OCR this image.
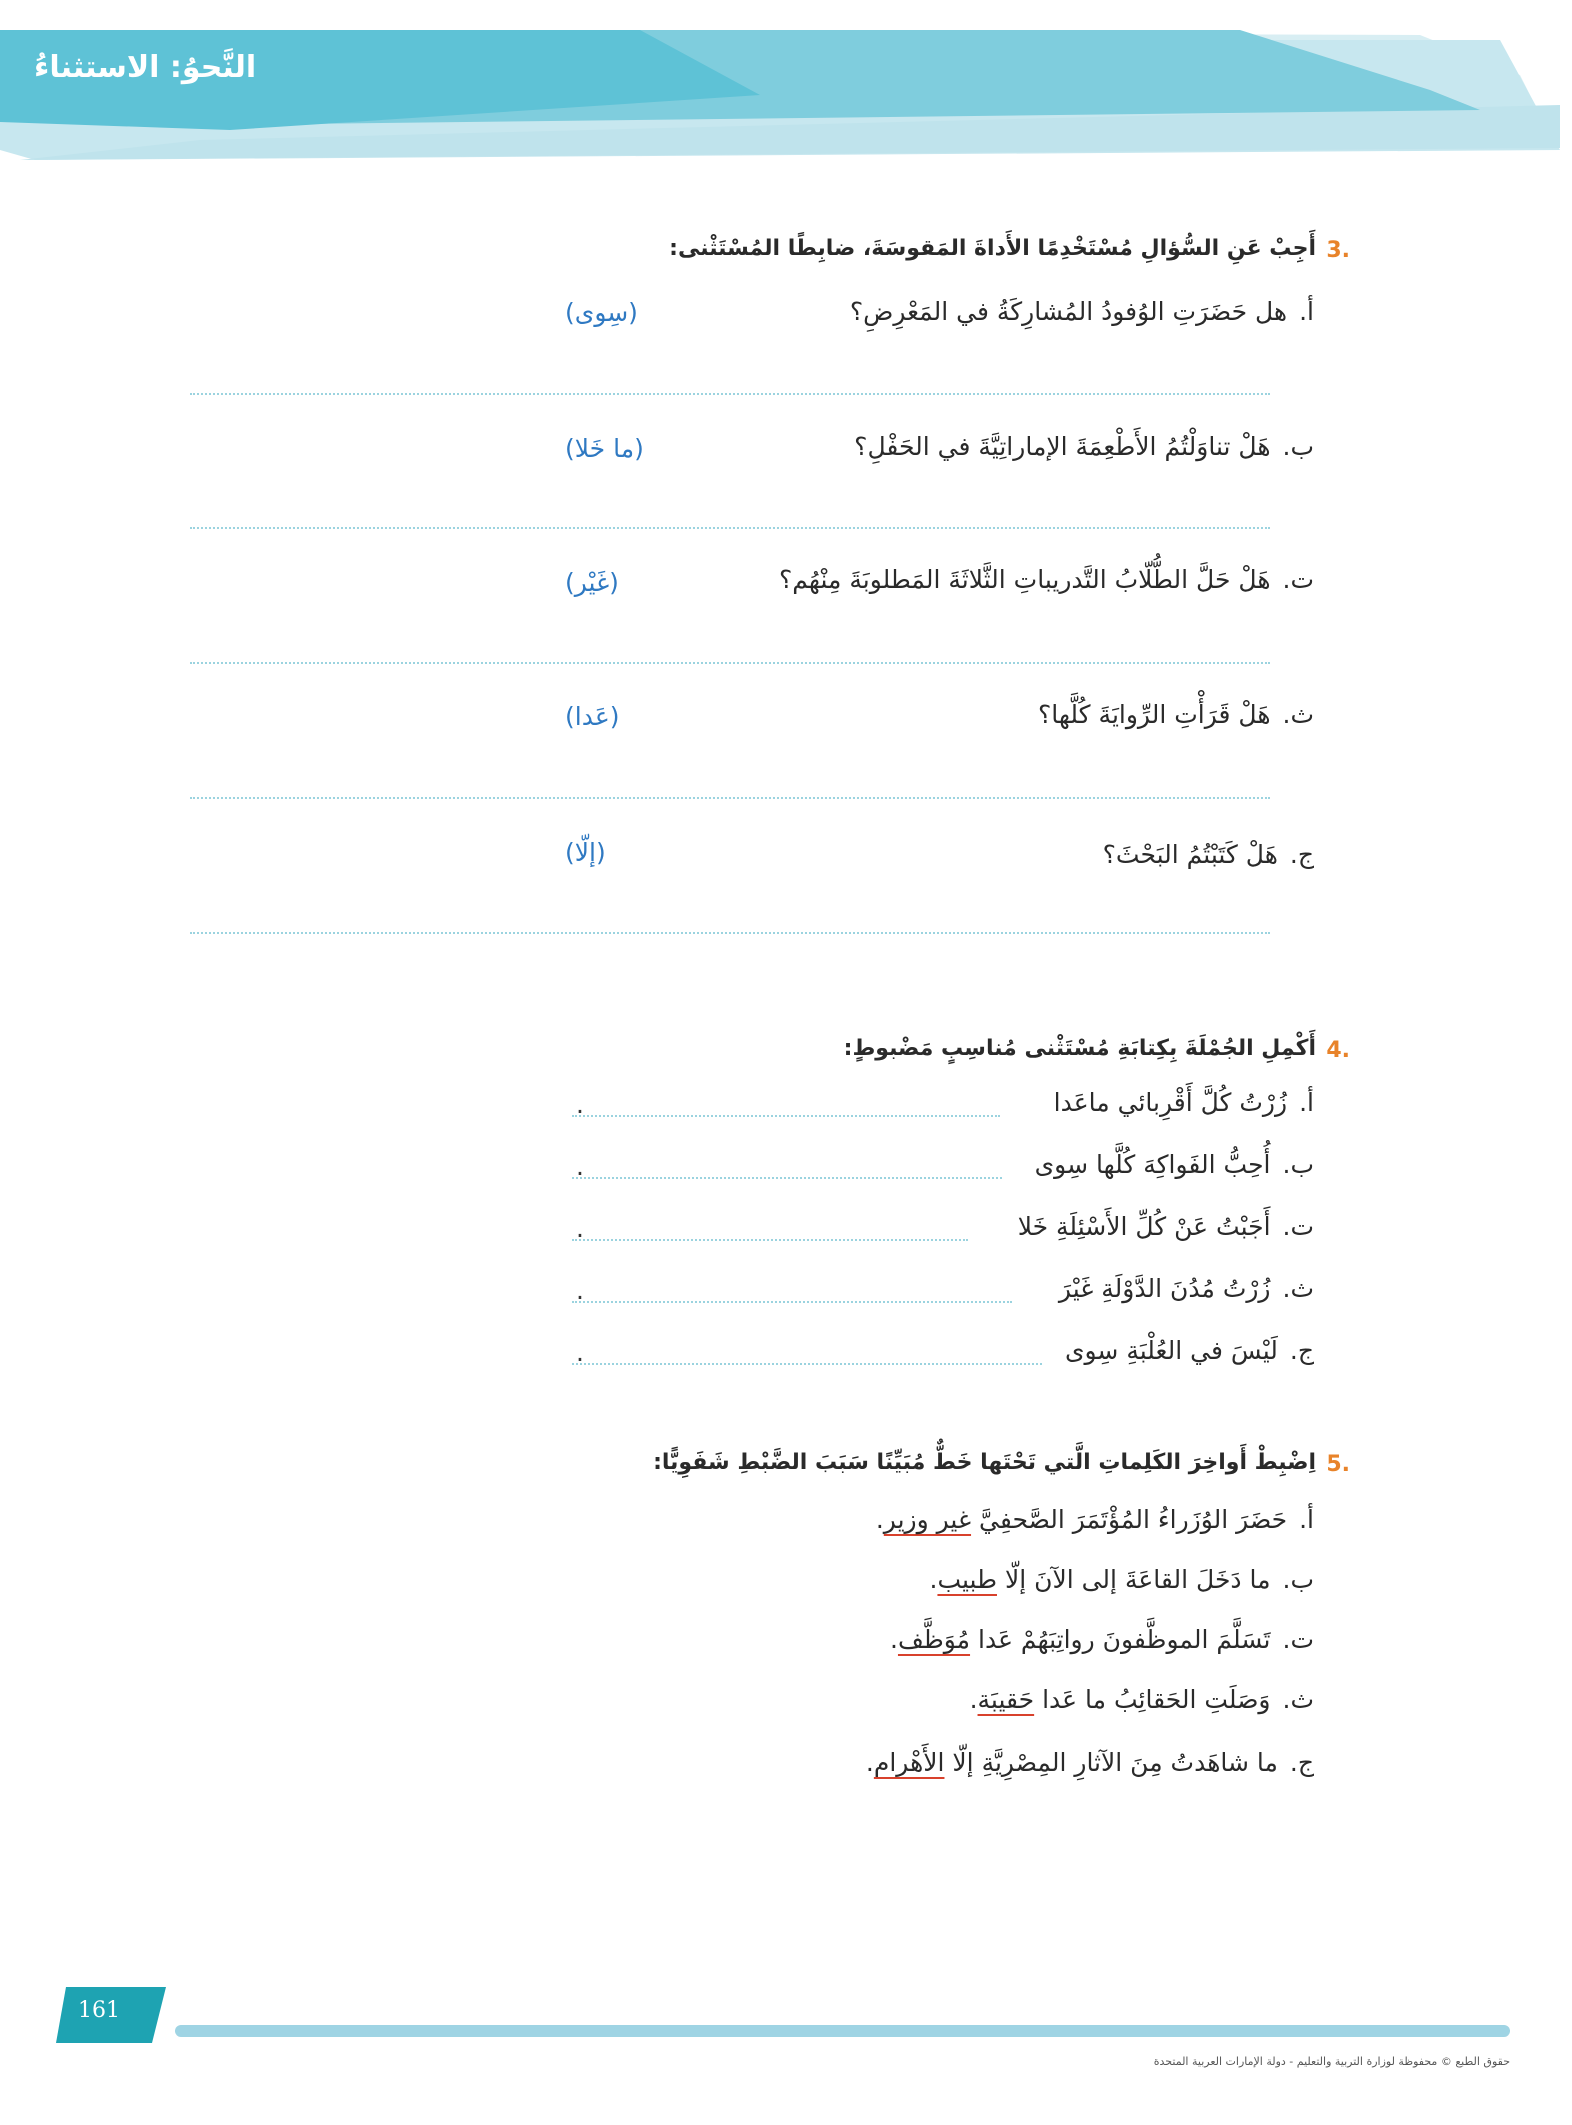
النَّحوُ: الاستثناءُ
3.
أَجِبْ عَنِ السُّؤالِ مُسْتَخْدِمًا الأَداةَ المَقوسَةَ، ضابِطًا المُسْتَثْنى:
أ.هل حَضَرَتِ الوُفودُ المُشارِكَةُ في المَعْرِضِ؟
(سِوى)
ب.هَلْ تناوَلْتُمُ الأَطْعِمَةَ الإماراتِيَّةَ في الحَفْلِ؟
(ما خَلا)
ت.هَلْ حَلَّ الطُّلّابُ التَّدريباتِ الثَّلاثَةَ المَطلوبَةَ مِنْهُم؟
(غَيْر)
ث.هَلْ قَرَأْتِ الرِّوايَةَ كُلَّها؟
(عَدا)
ج.هَلْ كَتَبْتُمُ البَحْثَ؟
(إلّا)
4.
أَكْمِلِ الجُمْلَةَ بِكِتابَةِ مُسْتَثْنى مُناسِبٍ مَضْبوطٍ:
أ.زُرْتُ كُلَّ أَقْرِبائي ماعَدا
.
ب.أُحِبُّ الفَواكِهَ كُلَّها سِوى
.
ت.أَجَبْتُ عَنْ كُلِّ الأَسْئِلَةِ خَلا
.
ث.زُرْتُ مُدُنَ الدَّوْلَةِ غَيْرَ
.
ج.لَيْسَ في العُلْبَةِ سِوى
.
5.
اِضْبِطْ أَواخِرَ الكَلِماتِ الَّتي تَحْتَها خَطٌّ مُبَيِّنًا سَبَبَ الضَّبْطِ شَفَوِيًّا:
أ.حَضَرَ الوُزَراءُ المُؤْتَمَرَ الصَّحفِيَّ غير وزير.
ب.ما دَخَلَ القاعَةَ إلى الآنَ إلّا طبيب.
ت.تَسَلَّمَ الموظَّفونَ رواتِبَهُمْ عَدا مُوَظَّف.
ث.وَصَلَتِ الحَقائِبُ ما عَدا حَقيبَة.
ج.ما شاهَدتُ مِنَ الآثارِ المِصْرِيَّةِ إلّا الأَهْرام.
161
حقوق الطبع © محفوظة لوزارة التربية والتعليم - دولة الإمارات العربية المتحدة
